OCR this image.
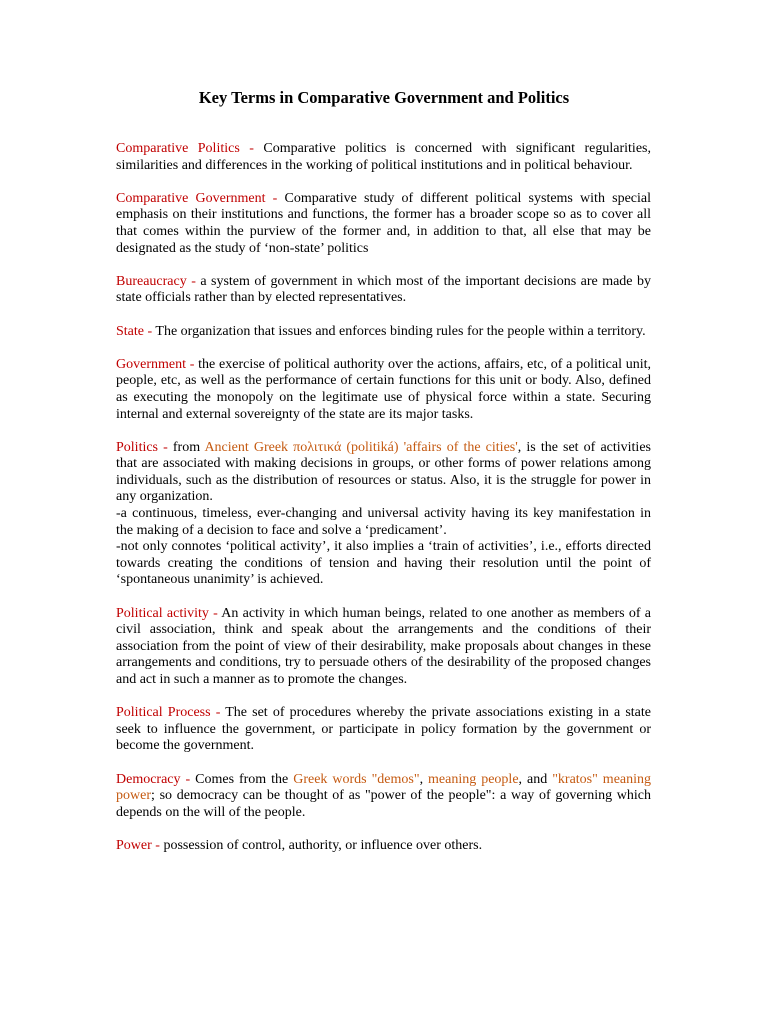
Key Terms in Comparative Government and Politics
Comparative Politics - Comparative politics is concerned with significant regularities, similarities and differences in the working of political institutions and in political behaviour.
Comparative Government - Comparative study of different political systems with special emphasis on their institutions and functions, the former has a broader scope so as to cover all that comes within the purview of the former and, in addition to that, all else that may be designated as the study of ‘non-state’ politics
Bureaucracy - a system of government in which most of the important decisions are made by state officials rather than by elected representatives.
State - The organization that issues and enforces binding rules for the people within a territory.
Government - the exercise of political authority over the actions, affairs, etc, of a political unit, people, etc, as well as the performance of certain functions for this unit or body. Also, defined as executing the monopoly on the legitimate use of physical force within a state. Securing internal and external sovereignty of the state are its major tasks.

Politics - from Ancient Greek πολιτικά (politiká) 'affairs of the cities', is the set of activities that are associated with making decisions in groups, or other forms of power relations among individuals, such as the distribution of resources or status. Also, it is the struggle for power in any organization.

-a continuous, timeless, ever-changing and universal activity having its key manifestation in the making of a decision to face and solve a ‘predicament’.

-not only connotes ‘political activity’, it also implies a ‘train of activities’, i.e., efforts directed towards creating the conditions of tension and having their resolution until the point of ‘spontaneous unanimity’ is achieved.

Political activity - An activity in which human beings, related to one another as members of a civil association, think and speak about the arrangements and the conditions of their association from the point of view of their desirability, make proposals about changes in these arrangements and conditions, try to persuade others of the desirability of the proposed changes and act in such a manner as to promote the changes.
Political Process - The set of procedures whereby the private associations existing in a state seek to influence the government, or participate in policy formation by the government or become the government.
Democracy - Comes from the Greek words "demos", meaning people, and "kratos" meaning power; so democracy can be thought of as "power of the people": a way of governing which depends on the will of the people.
Power - possession of control, authority, or influence over others.
